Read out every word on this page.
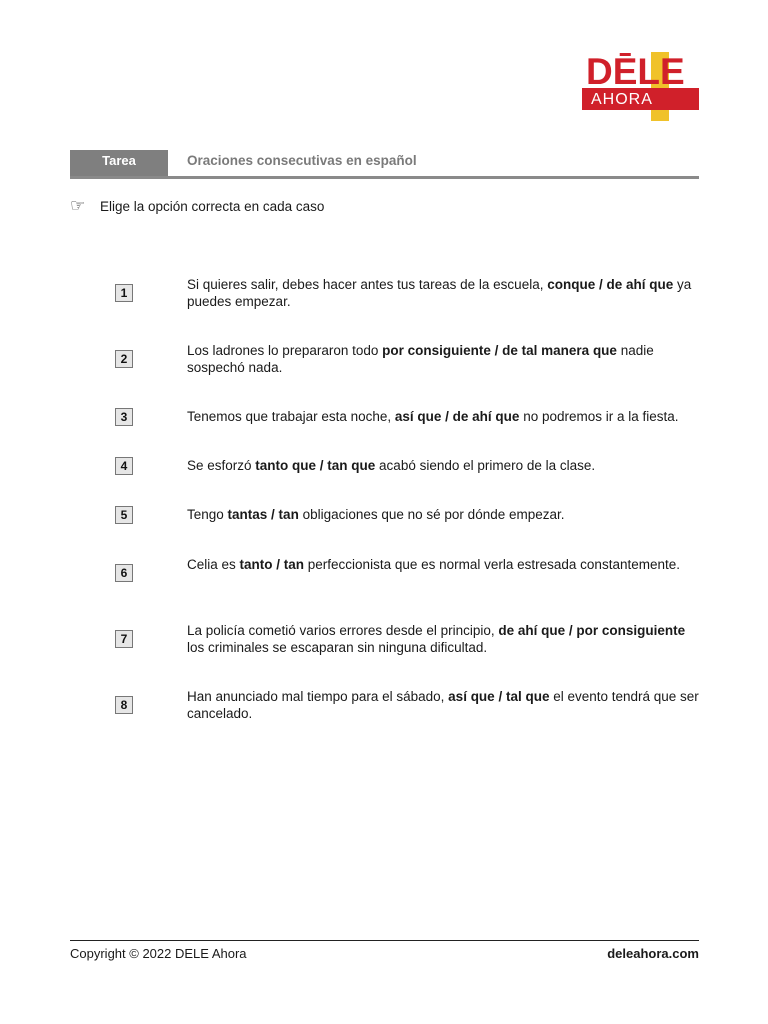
DĒLE
AHORA
Tarea	Oraciones consecutivas en español
☞	Elige la opción correcta en cada caso
1
Si quieres salir, debes hacer antes tus tareas de la escuela, conque / de ahí que ya puedes empezar.
2
Los ladrones lo prepararon todo por consiguiente / de tal manera que nadie sospechó nada.
3	Tenemos que trabajar esta noche, así que / de ahí que no podremos ir a la fiesta.
4	Se esforzó tanto que / tan que acabó siendo el primero de la clase.
5	Tengo tantas / tan obligaciones que no sé por dónde empezar.
6
Celia es tanto / tan perfeccionista que es normal verla estresada constantemente.
7
La policía cometió varios errores desde el principio, de ahí que / por consiguiente los criminales se escaparan sin ninguna dificultad.
8
Han anunciado mal tiempo para el sábado, así que / tal que el evento tendrá que ser cancelado.
Copyright © 2022 DELE Ahora	deleahora.com
